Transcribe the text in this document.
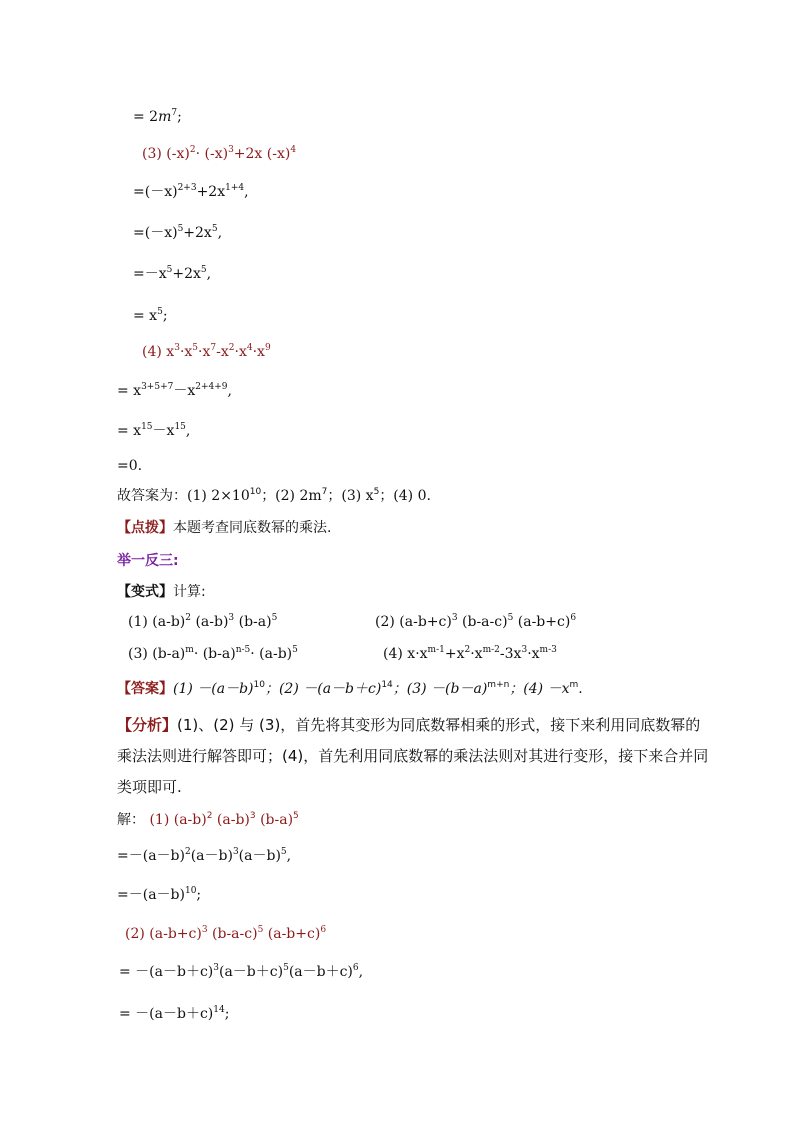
= $2m^7$;
(3) $(-x)^2\cdot (-x)^3+2x$ $(-x)^4$
$=(-x)^{2+3}+2x^{1+4}$,
$=(-x)^5+2x^5$,
$=-x^5+2x^5$,
= $x^5$;
(4) $x^3\cdot x^5\cdot x^7-x^2\cdot x^4\cdot x^9$
= $x^{3+5+7}-x^{2+4+9}$,
= $x^{15}-x^{15}$,
=0.
故答案为：(1) $2\times 10^{10}$；(2) $2m^7$；(3) $x^5$；(4) 0.
【点拨】本题考查同底数幂的乘法.
举一反三:
【变式】计算:
(1) $(a-b)^2$ $(a-b)^3$ $(b-a)^5$	(2) $(a-b+c)^3$ $(b-a-c)^5$ $(a-b+c)^6$
(3) $(b-a)^m\cdot (b-a)^{n-5}\cdot (a-b)^5$	(4) $x\cdot x^{m-1}+x^2\cdot x^{m-2}-3x^3\cdot x^{m-3}$
【答案】$(1) -(a-b)^{10}$；$(2) -(a-b+c)^{14}$；$(3) -(b-a)^{m+n}$；$(4) -x^m$.
【分析】(1)、(2) 与 (3)，首先将其变形为同底数幂相乘的形式，接下来利用同底数幂的
乘法法则进行解答即可；(4)，首先利用同底数幂的乘法法则对其进行变形，接下来合并同
类项即可.
解： (1) $(a-b)^2$ $(a-b)^3$ $(b-a)^5$
$=-(a-b)^2(a-b)^3(a-b)^5$,
$=-(a-b)^{10}$;
(2) $(a-b+c)^3$ $(b-a-c)^5$ $(a-b+c)^6$
= $-(a-b+c)^3(a-b+c)^5(a-b+c)^6$,
= $-(a-b+c)^{14}$;
